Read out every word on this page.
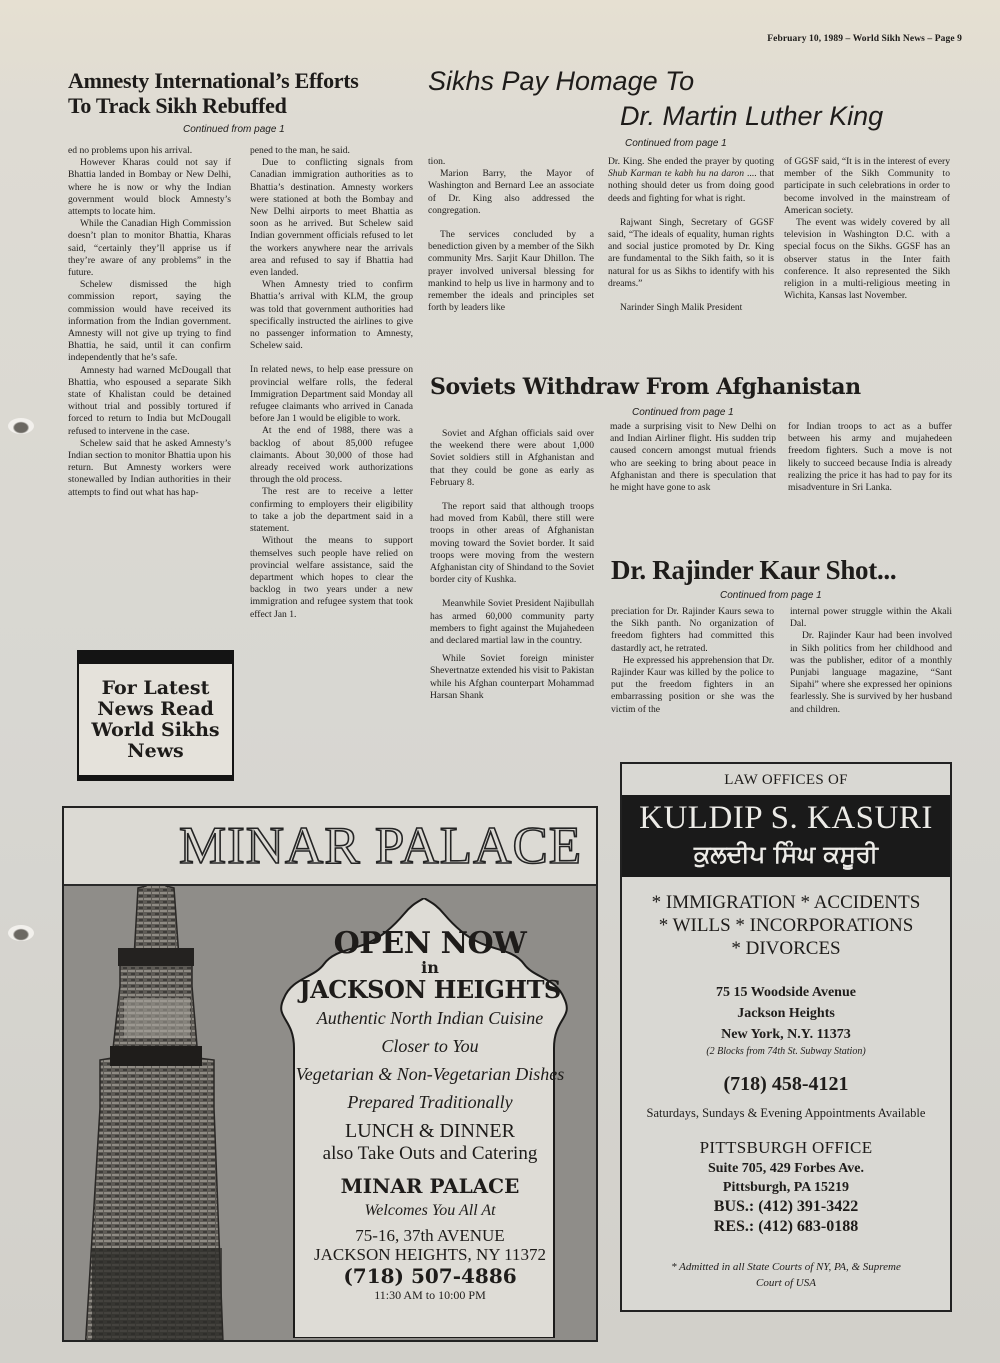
February 10, 1989 – World Sikh News – Page 9
Amnesty International’s Efforts
To Track Sikh Rebuffed
Continued from page 1

ed no problems upon his arrival.

However Kharas could not say if Bhattia landed in Bombay or New Delhi, where he is now or why the Indian government would block Amnesty’s attempts to locate him.

While the Canadian High Commission doesn’t plan to monitor Bhattia, Kharas said, “certainly they’ll apprise us if they’re aware of any problems” in the future.

Schelew dismissed the high commission report, saying the commission would have received its information from the Indian government. Amnesty will not give up trying to find Bhattia, he said, until it can confirm independently that he’s safe.

Amnesty had warned McDougall that Bhattia, who espoused a separate Sikh state of Khalistan could be detained without trial and possibly tortured if forced to return to India but McDougall refused to intervene in the case.

Schelew said that he asked Amnesty’s Indian section to monitor Bhattia upon his return. But Amnesty workers were stonewalled by Indian authorities in their attempts to find out what has hap-

pened to the man, he said.

Due to conflicting signals from Canadian immigration authorities as to Bhattia’s destination. Amnesty workers were stationed at both the Bombay and New Delhi airports to meet Bhattia as soon as he arrived. But Schelew said Indian government officials refused to let the workers anywhere near the arrivals area and refused to say if Bhattia had even landed.

When Amnesty tried to confirm Bhattia’s arrival with KLM, the group was told that government authorities had specifically instructed the airlines to give no passenger information to Amnesty, Schelew said.

In related news, to help ease pressure on provincial welfare rolls, the federal Immigration Department said Monday all refugee claimants who arrived in Canada before Jan 1 would be eligible to work.

At the end of 1988, there was a backlog of about 85,000 refugee claimants. About 30,000 of those had already received work authorizations through the old process.

The rest are to receive a letter confirming to employers their eligibility to take a job the department said in a statement.

Without the means to support themselves such people have relied on provincial welfare assistance, said the department which hopes to clear the backlog in two years under a new immigration and refugee system that took effect Jan 1.

For Latest News Read World Sikhs News
Sikhs Pay Homage To
Dr. Martin Luther King
Continued from page 1

tion.

Marion Barry, the Mayor of Washington and Bernard Lee an associate of Dr. King also addressed the congregation.

The services concluded by a benediction given by a member of the Sikh community Mrs. Sarjit Kaur Dhillon. The prayer involved universal blessing for mankind to help us live in harmony and to remember the ideals and principles set forth by leaders like

Dr. King. She ended the prayer by quoting Shub Karman te kabh hu na daron .... that nothing should deter us from doing good deeds and fighting for what is right.

Rajwant Singh, Secretary of GGSF said, “The ideals of equality, human rights and social justice promoted by Dr. King are fundamental to the Sikh faith, so it is natural for us as Sikhs to identify with his dreams.”

Narinder Singh Malik President

of GGSF said, “It is in the interest of every member of the Sikh Community to participate in such celebrations in order to become involved in the mainstream of American society.

The event was widely covered by all television in Washington D.C. with a special focus on the Sikhs. GGSF has an observer status in the Inter faith conference. It also represented the Sikh religion in a multi-religious meeting in Wichita, Kansas last November.

Soviets Withdraw From Afghanistan
Continued from page 1

Soviet and Afghan officials said over the weekend there were about 1,000 Soviet soldiers still in Afghanistan and that they could be gone as early as February 8.

The report said that although troops had moved from Kabûl, there still were troops in other areas of Afghanistan moving toward the Soviet border. It said troops were moving from the western Afghanistan city of Shindand to the Soviet border city of Kushka.

Meanwhile Soviet President Najibullah has armed 60,000 community party members to fight against the Mujahedeen and declared martial law in the country.

While Soviet foreign minister Shevertnatze extended his visit to Pakistan while his Afghan counterpart Mohammad Harsan Shank

made a surprising visit to New Delhi on and Indian Airliner flight. His sudden trip caused concern amongst mutual friends who are seeking to bring about peace in Afghanistan and there is speculation that he might have gone to ask

for Indian troops to act as a buffer between his army and mujahedeen freedom fighters. Such a move is not likely to succeed because India is already realizing the price it has had to pay for its misadventure in Sri Lanka.

Dr. Rajinder Kaur Shot...
Continued from page 1

preciation for Dr. Rajinder Kaurs sewa to the Sikh panth. No organization of freedom fighters had committed this dastardly act, he retrated.

He expressed his apprehension that Dr. Rajinder Kaur was killed by the police to put the freedom fighters in an embarrassing position or she was the victim of the

internal power struggle within the Akali Dal.

Dr. Rajinder Kaur had been involved in Sikh politics from her childhood and was the publisher, editor of a monthly Punjabi language magazine, “Sant Sipahi” where she expressed her opinions fearlessly. She is survived by her husband and children.

MINAR PALACE
OPEN NOW
in
JACKSON HEIGHTS
Authentic North Indian Cuisine
Closer to You
Vegetarian & Non-Vegetarian Dishes
Prepared Traditionally
LUNCH & DINNER
also Take Outs and Catering
MINAR PALACE
Welcomes You All At
75-16, 37th AVENUE
JACKSON HEIGHTS, NY 11372
(718) 507-4886
11:30 AM to 10:00 PM
LAW OFFICES OF
KULDIP S. KASURI
ਕੁਲਦੀਪ ਸਿੰਘ ਕਸੂਰੀ
* IMMIGRATION * ACCIDENTS
* WILLS * INCORPORATIONS
* DIVORCES
75 15 Woodside Avenue
Jackson Heights
New York, N.Y. 11373
(2 Blocks from 74th St. Subway Station)
(718) 458-4121
Saturdays, Sundays & Evening Appointments Available
PITTSBURGH OFFICE
Suite 705, 429 Forbes Ave.
Pittsburgh, PA 15219
BUS.: (412) 391-3422
RES.: (412) 683-0188
* Admitted in all State Courts of NY, PA, & Supreme
Court of USA
